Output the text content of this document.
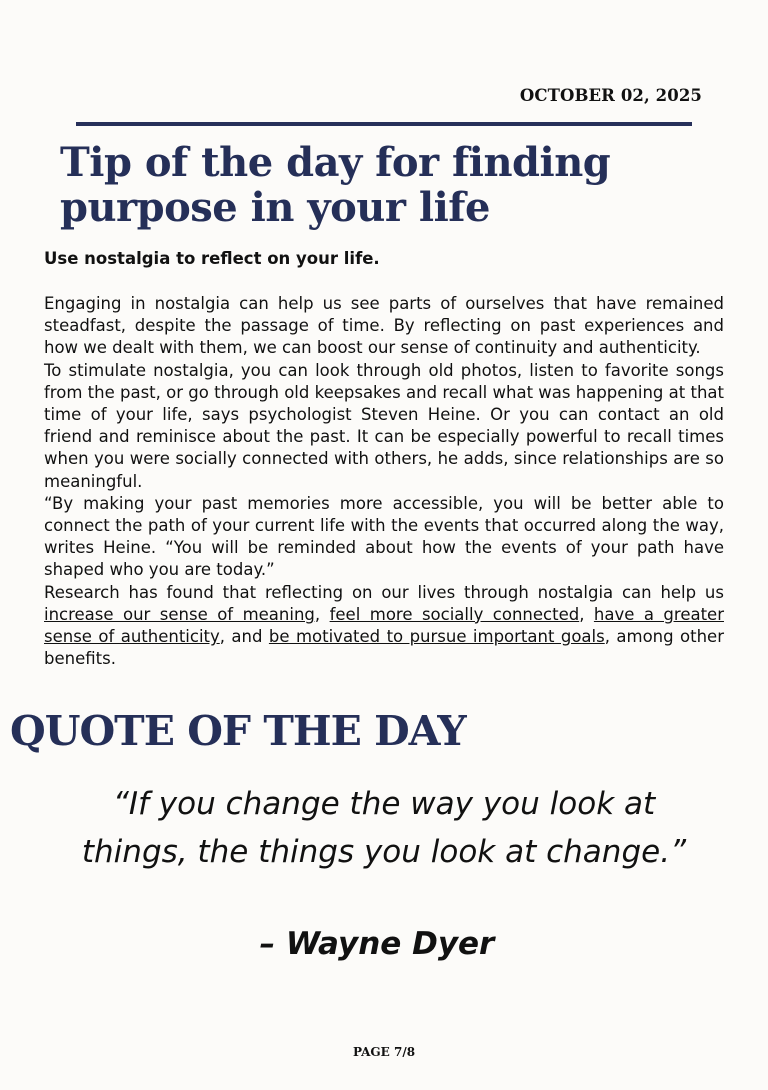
OCTOBER 02, 2025
Tip of the day for finding
purpose in your life
Use nostalgia to reflect on your life.

Engaging in nostalgia can help us see parts of ourselves that have remained steadfast, despite the passage of time. By reflecting on past experiences and how we dealt with them, we can boost our sense of continuity and authenticity.

To stimulate nostalgia, you can look through old photos, listen to favorite songs from the past, or go through old keepsakes and recall what was happening at that time of your life, says psychologist Steven Heine. Or you can contact an old friend and reminisce about the past. It can be especially powerful to recall times when you were socially connected with others, he adds, since relationships are so meaningful.

“By making your past memories more accessible, you will be better able to connect the path of your current life with the events that occurred along the way, writes Heine. “You will be reminded about how the events of your path have shaped who you are today.”

Research has found that reflecting on our lives through nostalgia can help us increase our sense of meaning, feel more socially connected, have a greater sense of authenticity, and be motivated to pursue important goals, among other benefits.

QUOTE OF THE DAY
“If you change the way you look at
things, the things you look at change.”
– Wayne Dyer
PAGE 7/8
